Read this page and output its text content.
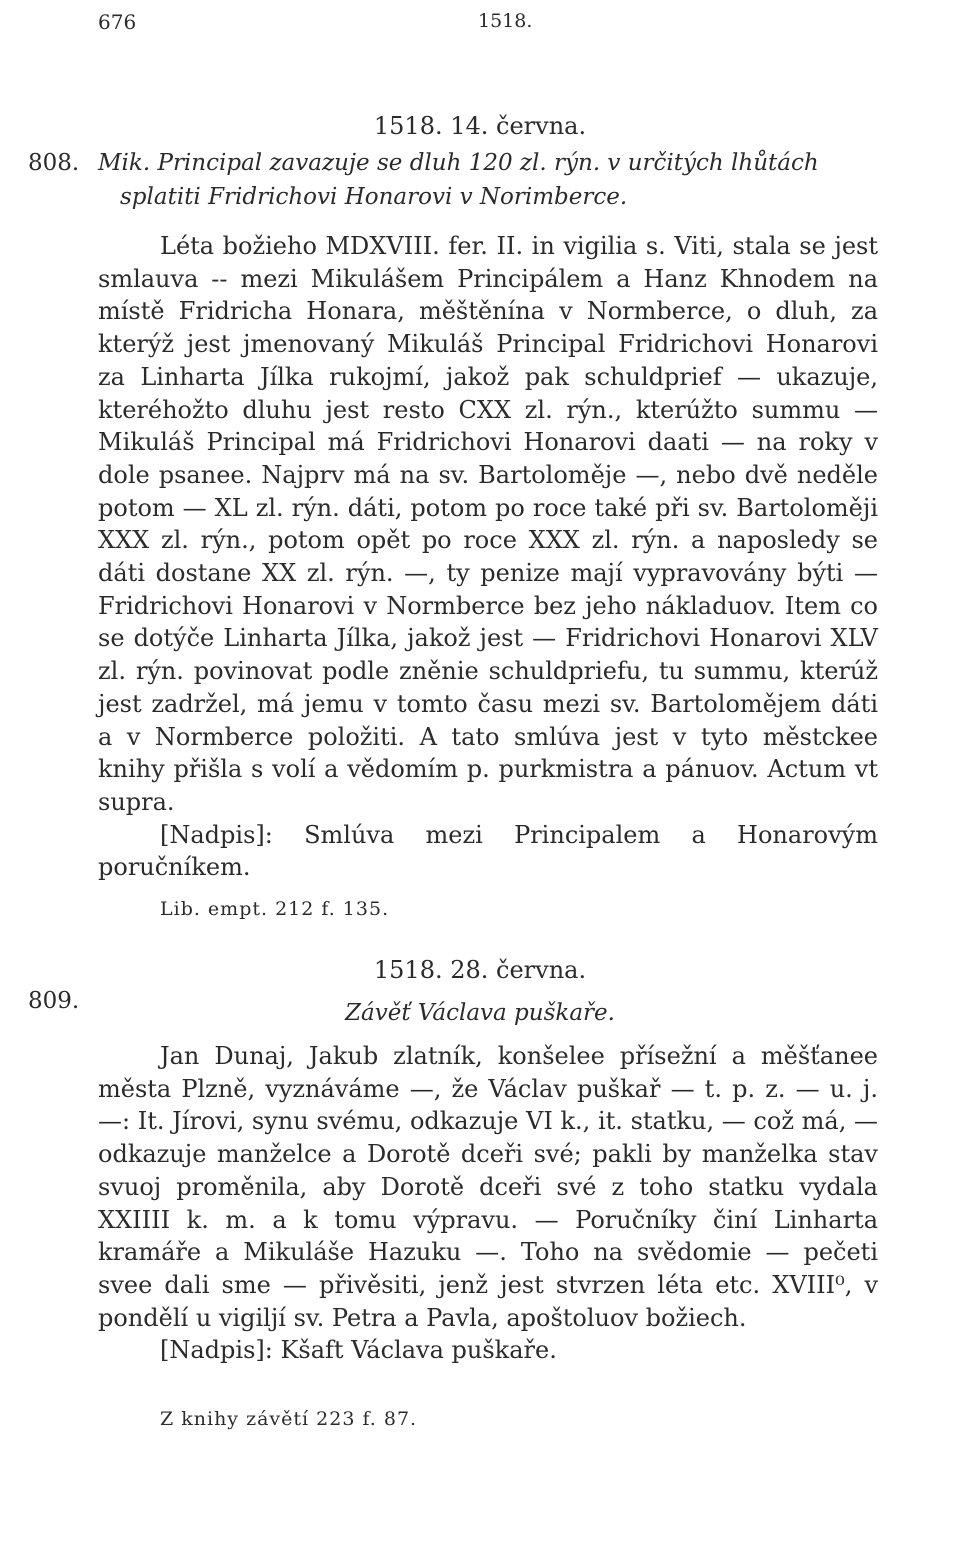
676	1518.
1518. 14. června.
808. Mik. Principal zavazuje se dluh 120 zl. rýn. v určitých lhůtách
splatiti Fridrichovi Honarovi v Norimberce.

Léta božieho MDXVIII. fer. II. in vigilia s. Viti, stala se jest smlauva -- mezi Mikulášem Principálem a Hanz Khnodem na místě Fridricha Honara, měštěnína v Normberce, o dluh, za kterýž jest jmenovaný Mikuláš Principal Fridrichovi Honarovi za Linharta Jílka rukojmí, jakož pak schuldprief — ukazuje, kteréhožto dluhu jest resto CXX zl. rýn., kterúžto summu — Mikuláš Principal má Fridrichovi Honarovi daati — na roky v dole psanee. Najprv má na sv. Bartoloměje —, nebo dvě neděle potom — XL zl. rýn. dáti, potom po roce také při sv. Bartoloměji XXX zl. rýn., potom opět po roce XXX zl. rýn. a naposledy se dáti dostane XX zl. rýn. —, ty penize mají vypravovány býti — Fridrichovi Honarovi v Normberce bez jeho nákladuov. Item co se dotýče Linharta Jílka, jakož jest — Fridrichovi Honarovi XLV zl. rýn. povinovat podle zněnie schuldpriefu, tu summu, kterúž jest zadržel, má jemu v tomto času mezi sv. Bartolomějem dáti a v Normberce položiti. A tato smlúva jest v tyto městckee knihy přišla s volí a vědomím p. purkmistra a pánuov. Actum vt supra.

[Nadpis]: Smlúva mezi Principalem a Honarovým poručníkem.

Lib. empt. 212 f. 135.
1518. 28. června.
809.	Závěť Václava puškaře.

Jan Dunaj, Jakub zlatník, konšelee přísežní a měšťanee města Plzně, vyznáváme —, že Václav puškař — t. p. z. — u. j. —: It. Jírovi, synu svému, odkazuje VI k., it. statku, — což má, — odkazuje manželce a Dorotě dceři své; pakli by manželka stav svuoj proměnila, aby Dorotě dceři své z toho statku vydala XXIIII k. m. a k tomu výpravu. — Poručníky činí Linharta kramáře a Mikuláše Hazuku —. Toho na svědomie — pečeti svee dali sme — přivěsiti, jenž jest stvrzen léta etc. XVIII⁰, v pondělí u vigiljí sv. Petra a Pavla, apoštoluov božiech.

[Nadpis]: Kšaft Václava puškaře.

Z knihy závětí 223 f. 87.
